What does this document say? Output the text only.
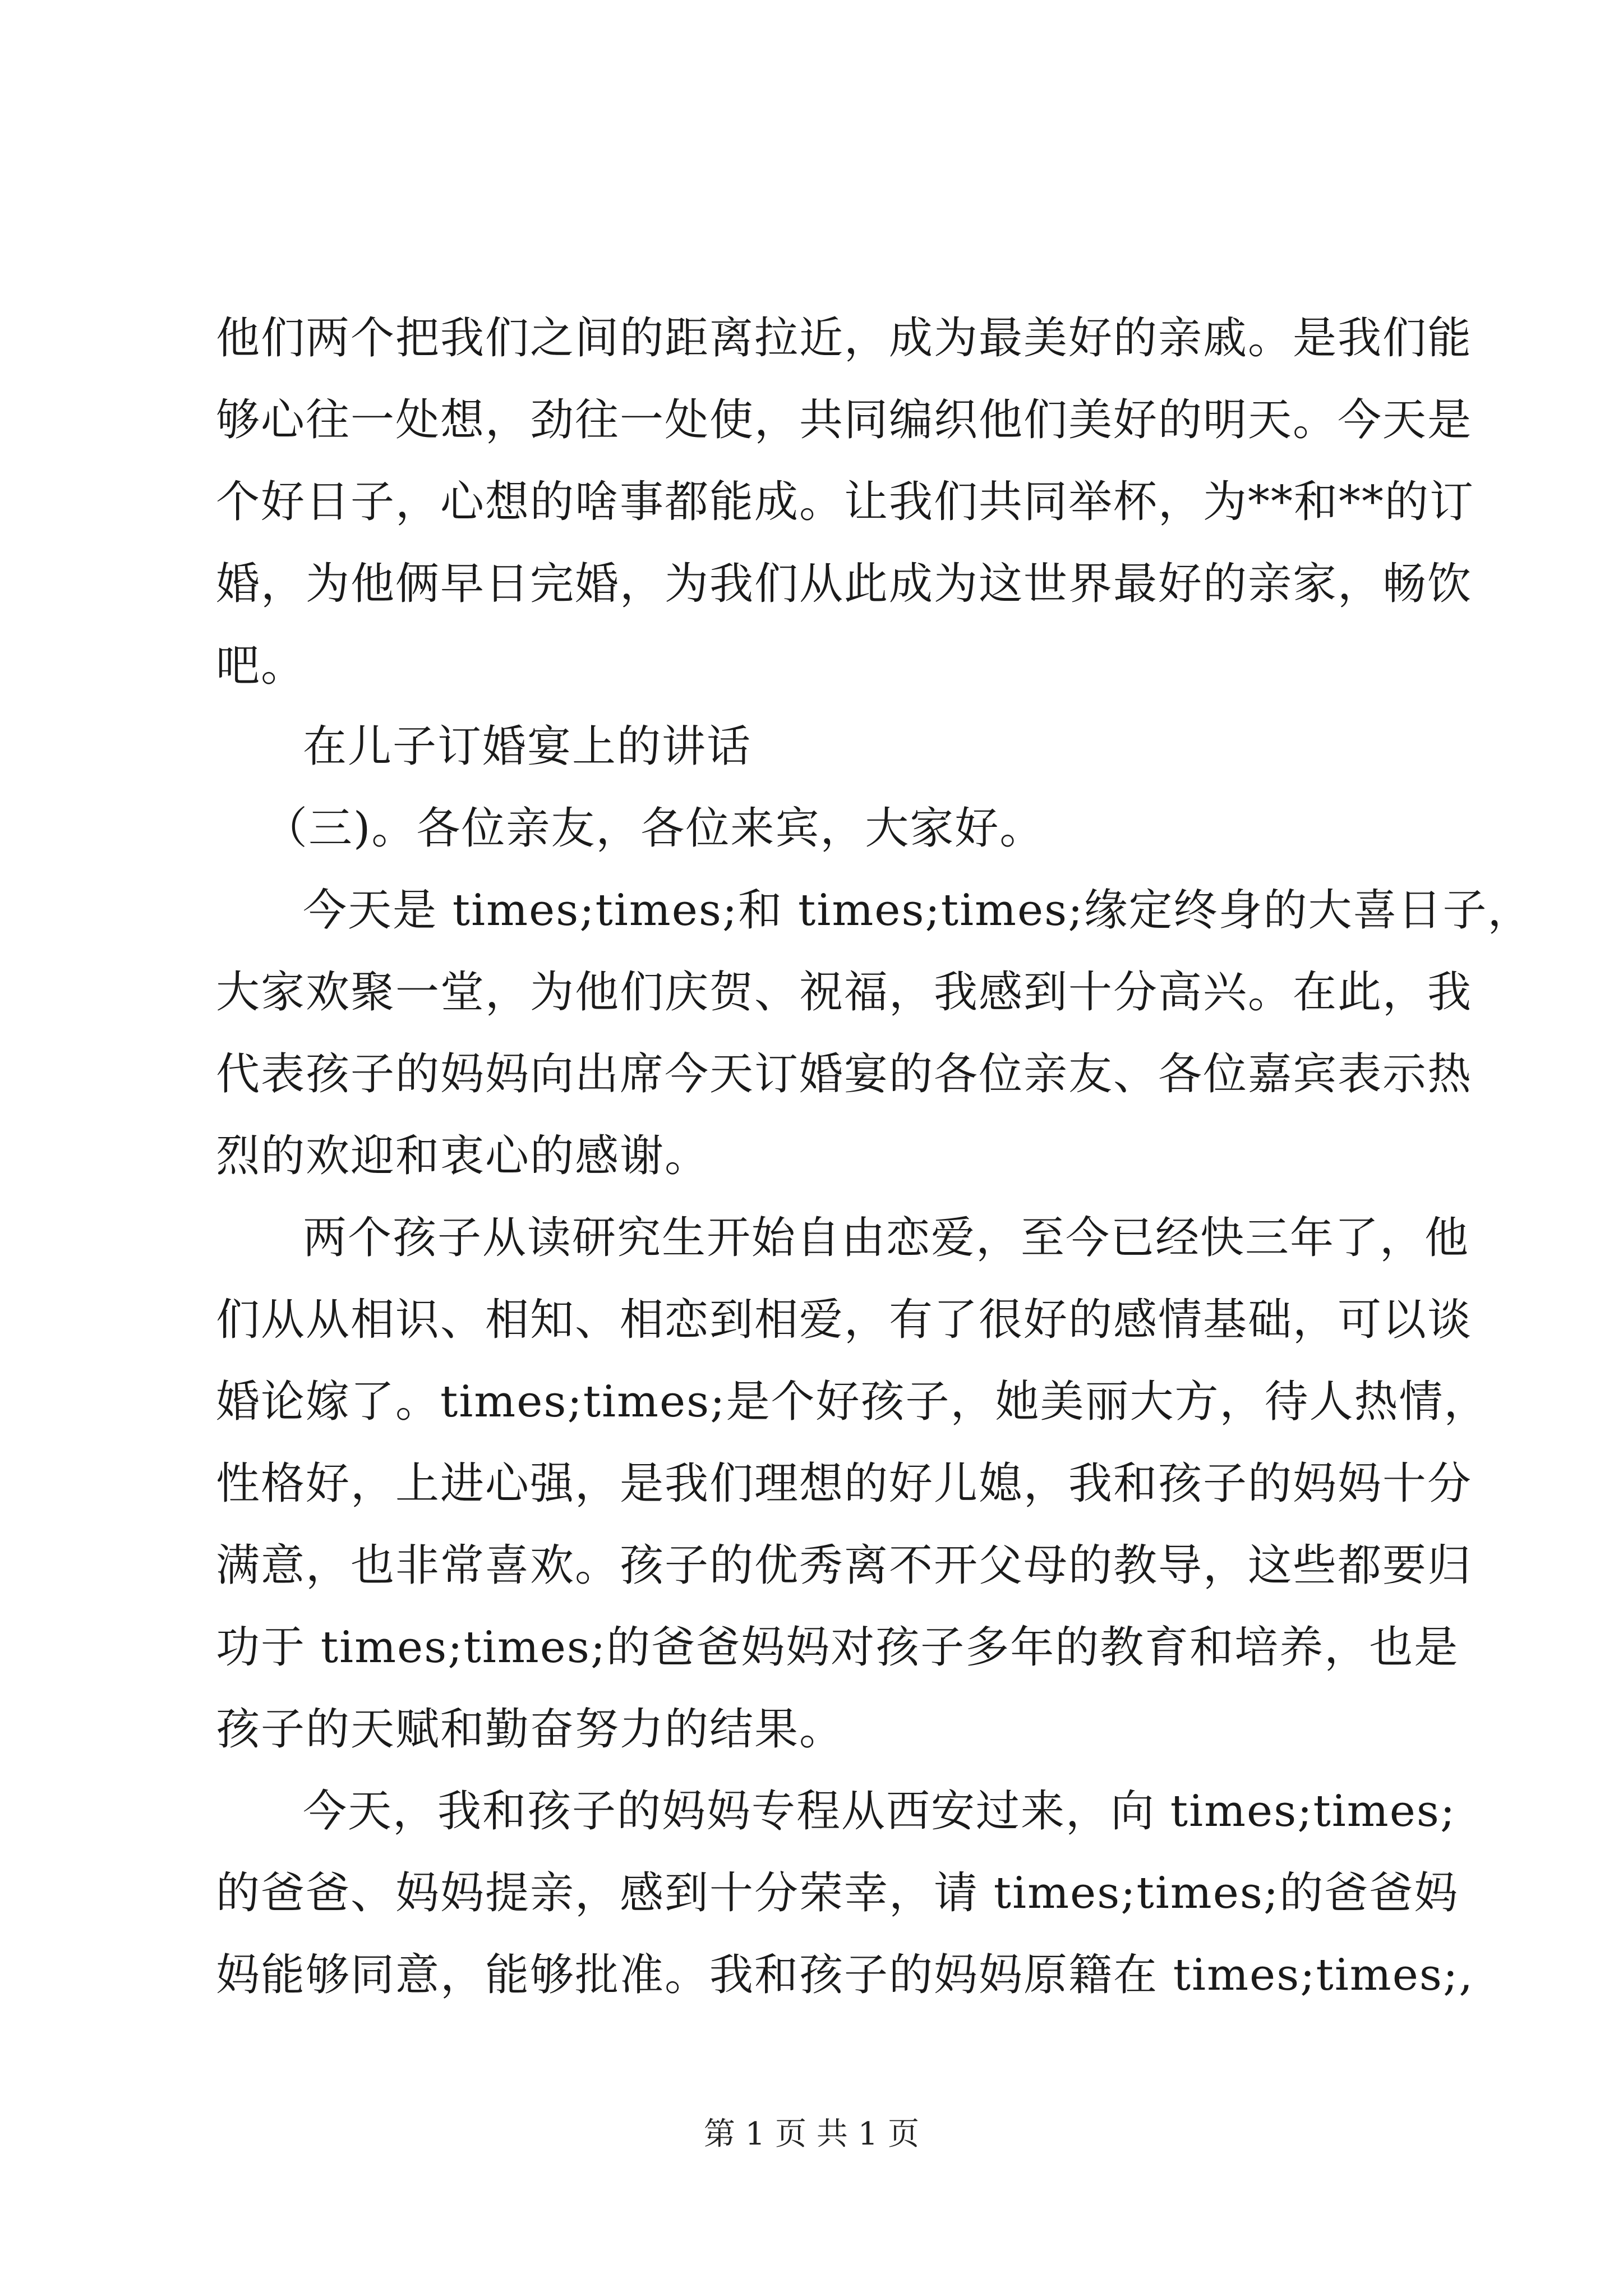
他们两个把我们之间的距离拉近，成为最美好的亲戚。是我们能
够心往一处想，劲往一处使，共同编织他们美好的明天。今天是
个好日子，心想的啥事都能成。让我们共同举杯，为**和**的订
婚，为他俩早日完婚，为我们从此成为这世界最好的亲家，畅饮
吧。
在儿子订婚宴上的讲话
（三)。各位亲友，各位来宾，大家好。
今天是 times;times;和 times;times;缘定终身的大喜日子，
大家欢聚一堂，为他们庆贺、祝福，我感到十分高兴。在此，我
代表孩子的妈妈向出席今天订婚宴的各位亲友、各位嘉宾表示热
烈的欢迎和衷心的感谢。
两个孩子从读研究生开始自由恋爱，至今已经快三年了，他
们从从相识、相知、相恋到相爱，有了很好的感情基础，可以谈
婚论嫁了。times;times;是个好孩子，她美丽大方，待人热情，
性格好，上进心强，是我们理想的好儿媳，我和孩子的妈妈十分
满意，也非常喜欢。孩子的优秀离不开父母的教导，这些都要归
功于 times;times;的爸爸妈妈对孩子多年的教育和培养，也是
孩子的天赋和勤奋努力的结果。
今天，我和孩子的妈妈专程从西安过来，向 times;times;
的爸爸、妈妈提亲，感到十分荣幸，请 times;times;的爸爸妈
妈能够同意，能够批准。我和孩子的妈妈原籍在 times;times;,
第 1 页 共 1 页
